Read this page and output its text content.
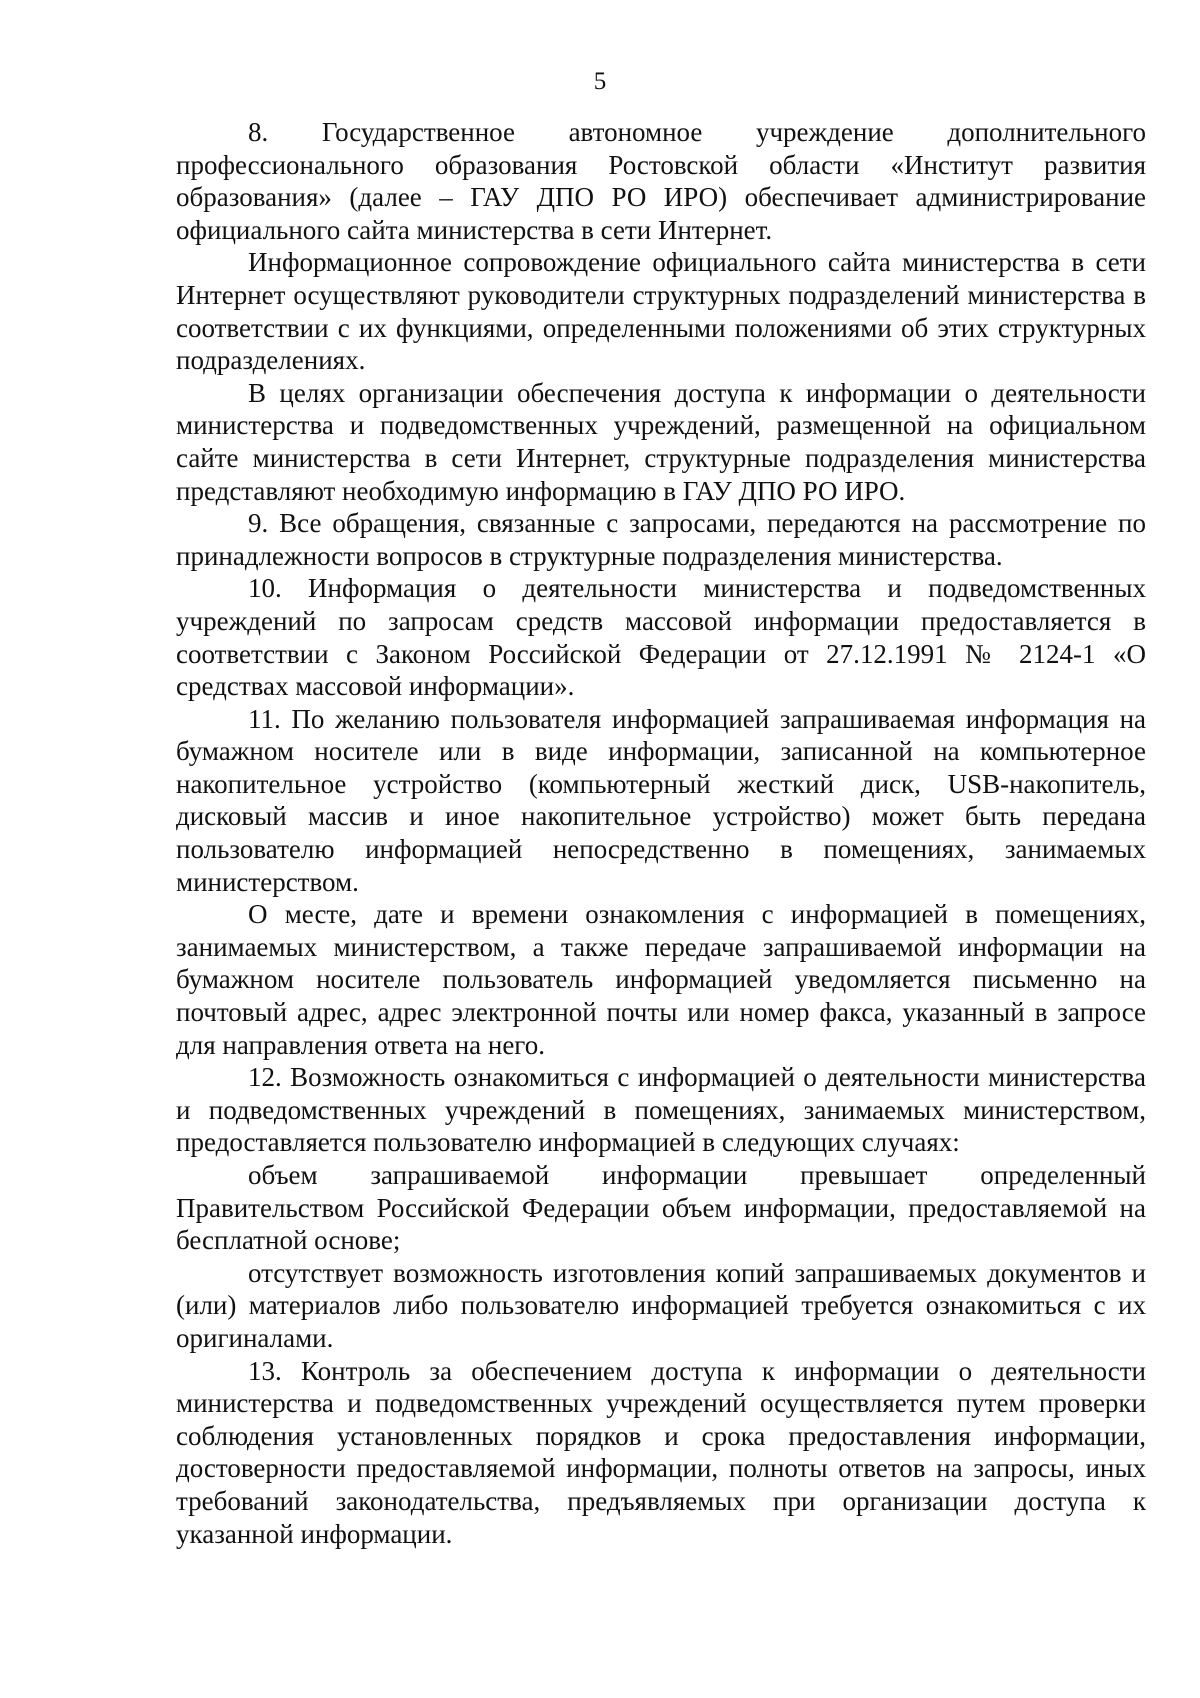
5

8. Государственное автономное учреждение дополнительного профессионального образования Ростовской области «Институт развития образования» (далее – ГАУ ДПО РО ИРО) обеспечивает администрирование официального сайта министерства в сети Интернет.

Информационное сопровождение официального сайта министерства в сети Интернет осуществляют руководители структурных подразделений министерства в соответствии с их функциями, определенными положениями об этих структурных подразделениях.

В целях организации обеспечения доступа к информации о деятельности министерства и подведомственных учреждений, размещенной на официальном сайте министерства в сети Интернет, структурные подразделения министерства представляют необходимую информацию в ГАУ ДПО РО ИРО.

9. Все обращения, связанные с запросами, передаются на рассмотрение по принадлежности вопросов в структурные подразделения министерства.

10. Информация о деятельности министерства и подведомственных учреждений по запросам средств массовой информации предоставляется в соответствии с Законом Российской Федерации от 27.12.1991 № 2124-1 «О средствах массовой информации».

11. По желанию пользователя информацией запрашиваемая информация на бумажном носителе или в виде информации, записанной на компьютерное накопительное устройство (компьютерный жесткий диск, USB-накопитель, дисковый массив и иное накопительное устройство) может быть передана пользователю информацией непосредственно в помещениях, занимаемых министерством.

О месте, дате и времени ознакомления с информацией в помещениях, занимаемых министерством, а также передаче запрашиваемой информации на бумажном носителе пользователь информацией уведомляется письменно на почтовый адрес, адрес электронной почты или номер факса, указанный в запросе для направления ответа на него.

12. Возможность ознакомиться с информацией о деятельности министерства и подведомственных учреждений в помещениях, занимаемых министерством, предоставляется пользователю информацией в следующих случаях:

объем запрашиваемой информации превышает определенный Правительством Российской Федерации объем информации, предоставляемой на бесплатной основе;

отсутствует возможность изготовления копий запрашиваемых документов и (или) материалов либо пользователю информацией требуется ознакомиться с их оригиналами.

13. Контроль за обеспечением доступа к информации о деятельности министерства и подведомственных учреждений осуществляется путем проверки соблюдения установленных порядков и срока предоставления информации, достоверности предоставляемой информации, полноты ответов на запросы, иных требований законодательства, предъявляемых при организации доступа к указанной информации.
